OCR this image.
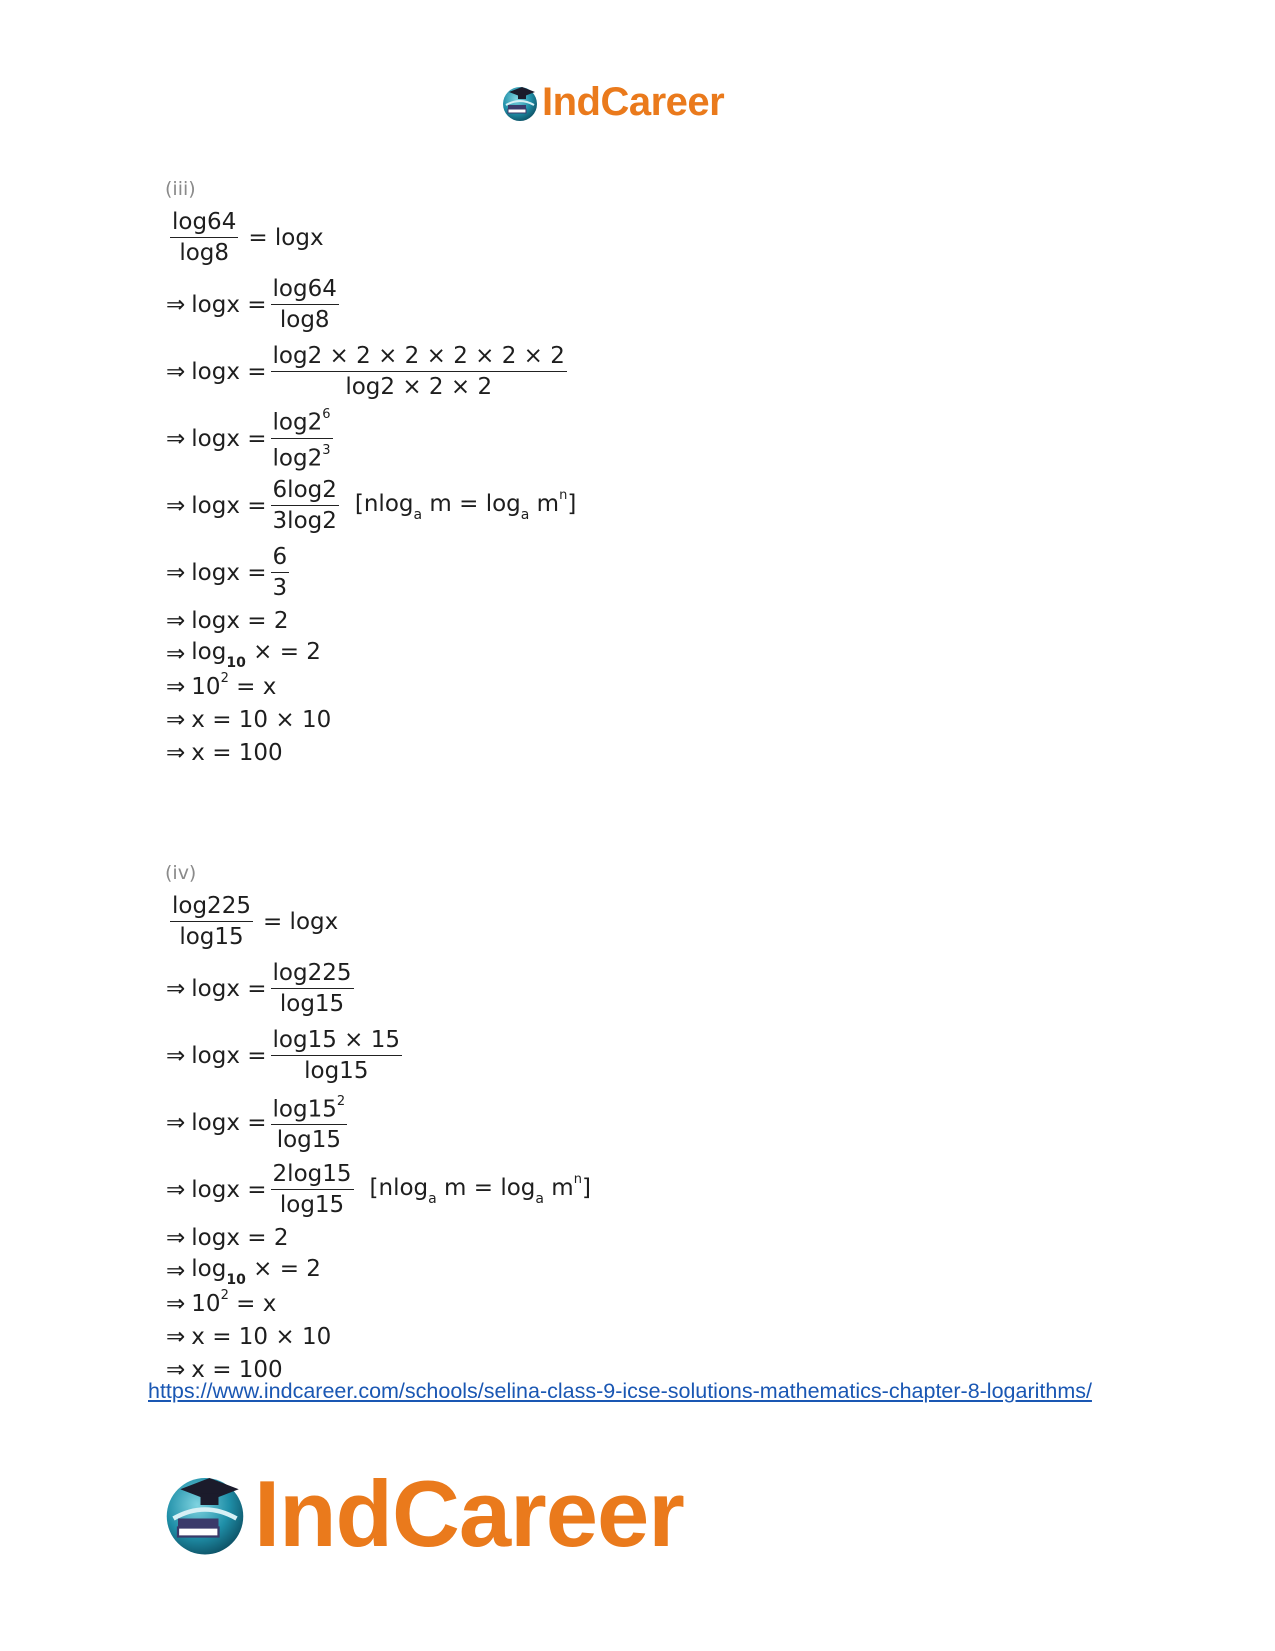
IndCareer
(iii)
$\frac{\log 64}{\log 8} = \log x$
⇒ $\log x = \frac{\log 64}{\log 8}$
⇒ $\log x = \frac{\log 2 \times 2 \times 2 \times 2 \times 2 \times 2}{\log 2 \times 2 \times 2}$
⇒ $\log x = \frac{\log 2^6}{\log 2^3}$
⇒ $\log x = \frac{6\log 2}{3\log 2} [nlog_a$ $m = \log_a m^n$]
⇒ $\log x = \frac{6}{3}$
⇒ logx = 2
⇒ $\log_{10}$ × = 2
⇒ $10^2 = x$
⇒ x = 10 × 10
⇒ x = 100
(iv)
$\frac{\log 225}{\log 15} = \log x$
⇒ $\log x = \frac{\log 225}{\log 15}$
⇒ $\log x = \frac{\log 15 \times 15}{\log 15}$
⇒ $\log x = \frac{\log 15^2}{\log 15}$
⇒ $\log x = \frac{2\log 15}{\log 15} [nlog_a$ $m = \log_a m^n$]
⇒ logx = 2
⇒ $\log_{10}$ × = 2
⇒ $10^2 = x$
⇒ x = 10 × 10
⇒ x = 100
https://www.indcareer.com/schools/selina-class-9-icse-solutions-mathematics-chapter-8-logarithms/
IndCareer
